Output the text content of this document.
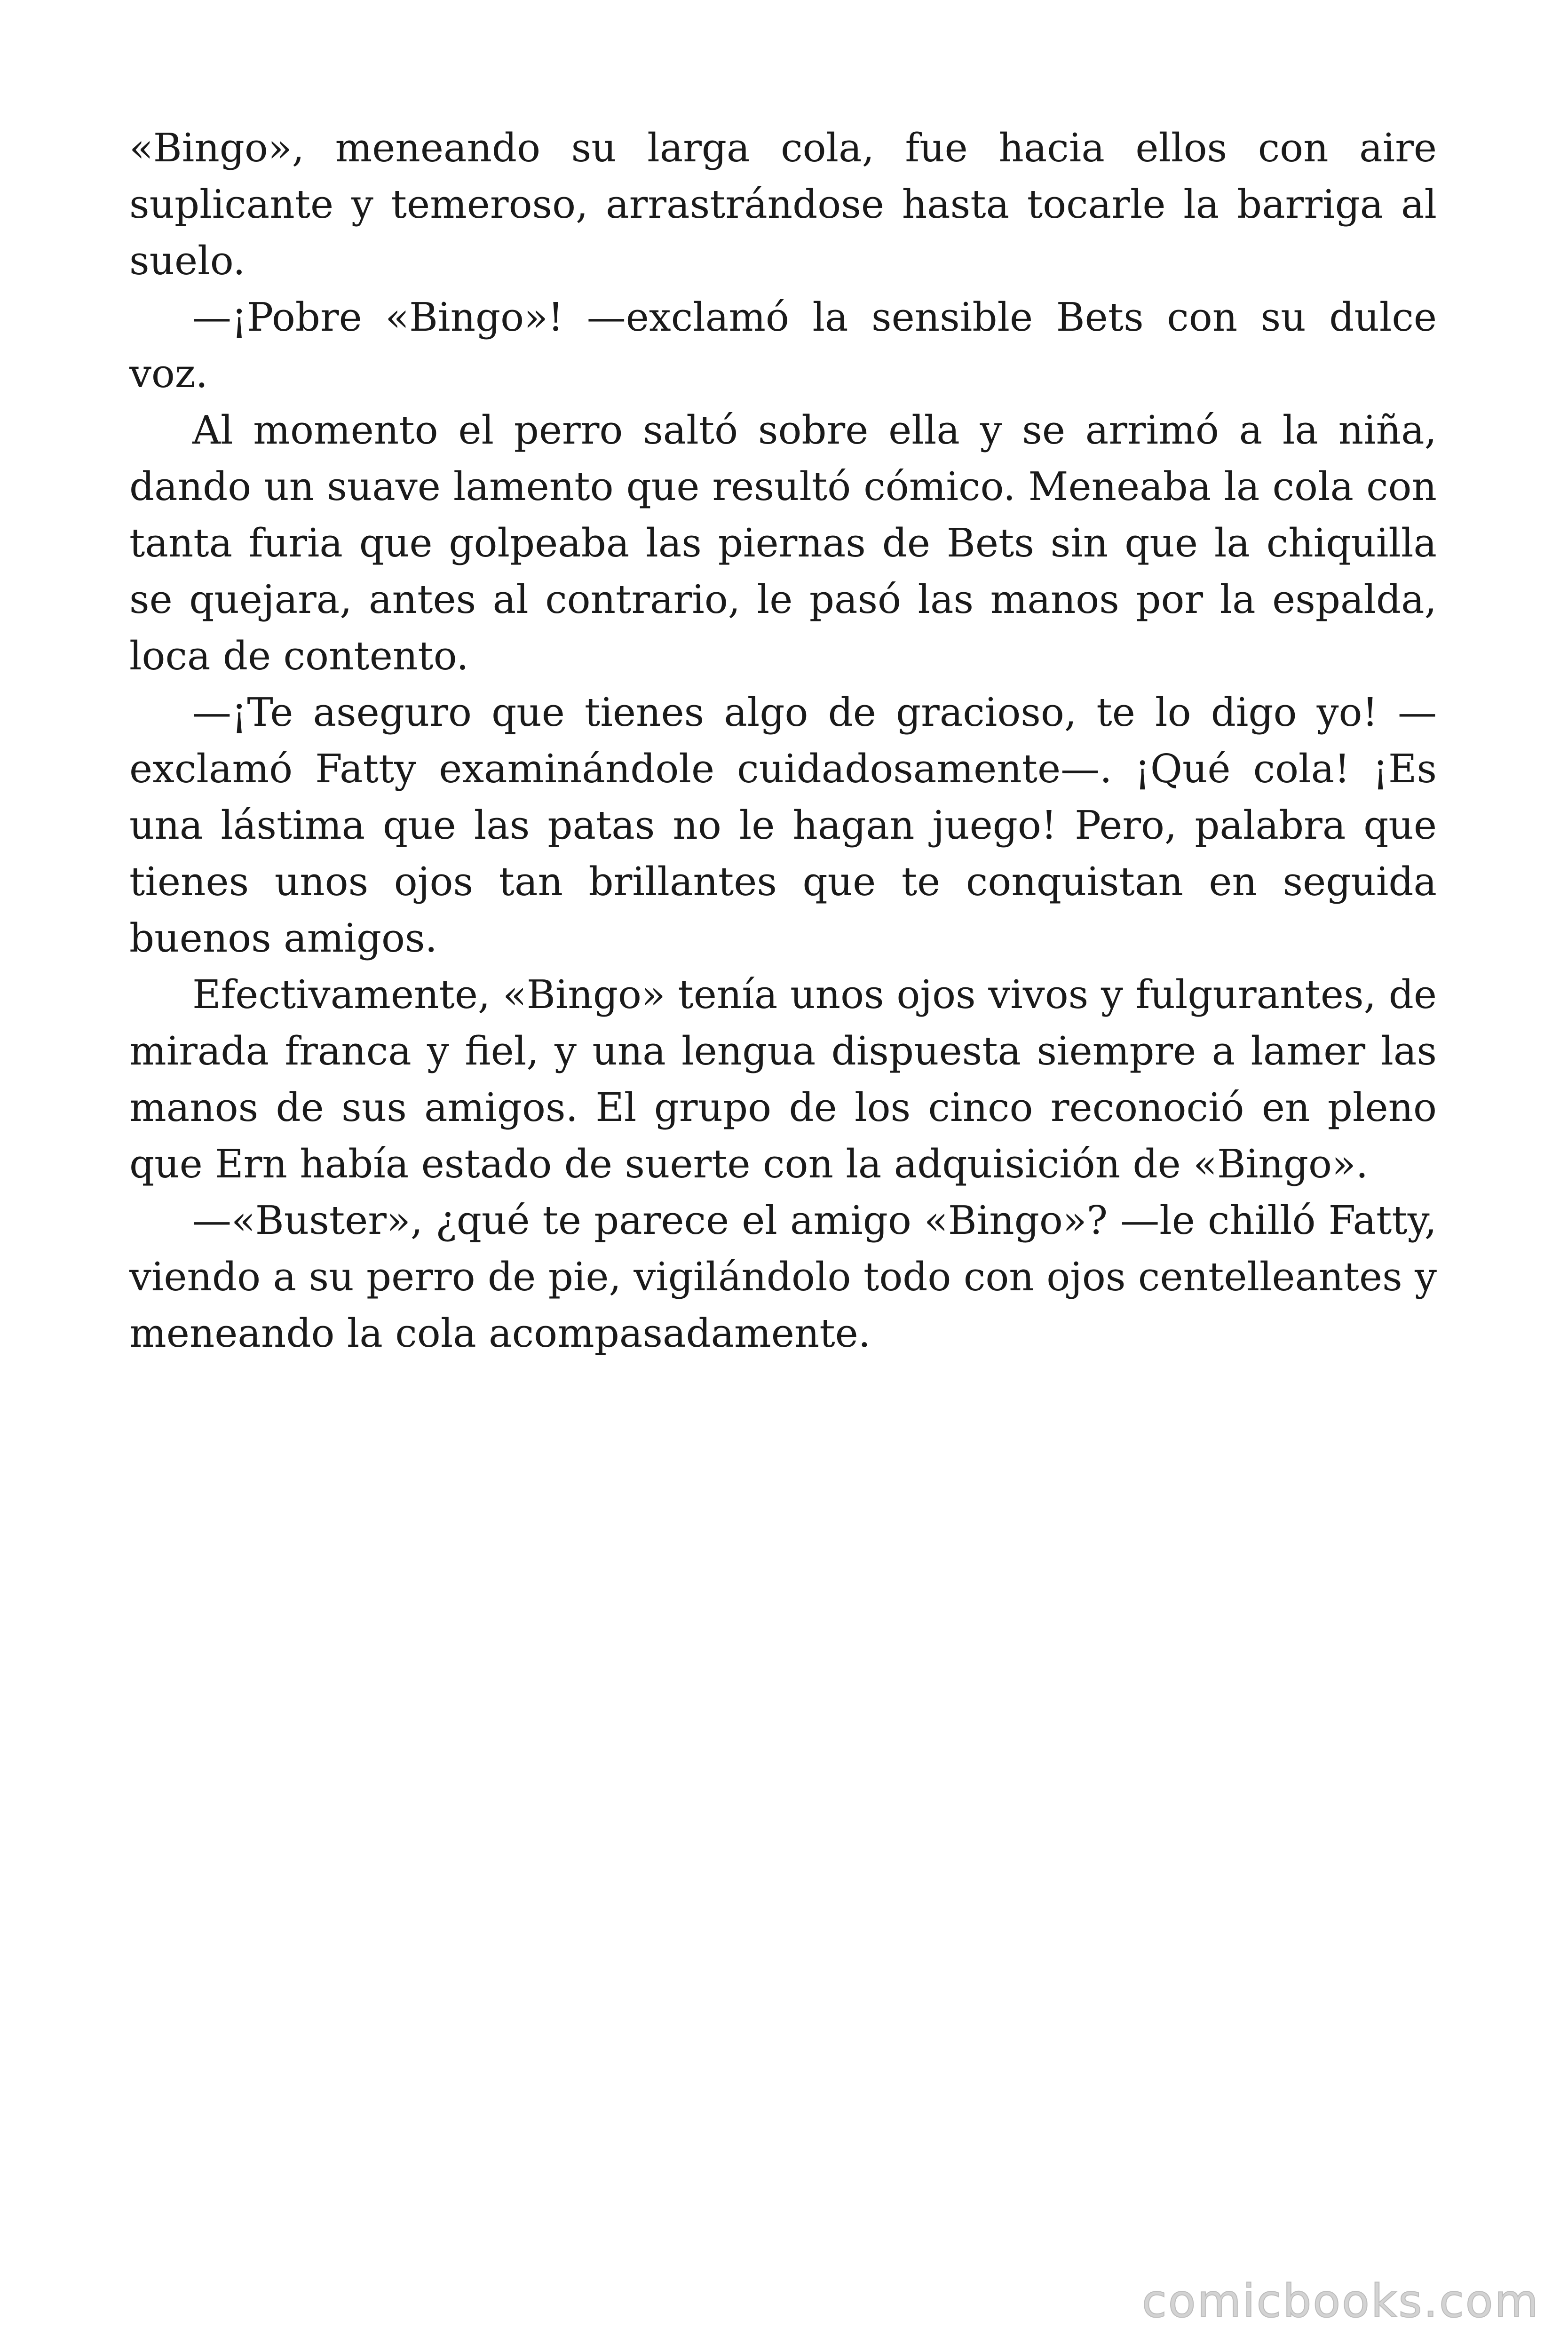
«Bingo», meneando su larga cola, fue hacia ellos con aire suplicante y temeroso, arrastrándose hasta tocarle la barriga al suelo.

—¡Pobre «Bingo»! —exclamó la sensible Bets con su dulce voz.

Al momento el perro saltó sobre ella y se arrimó a la niña, dando un suave lamento que resultó cómico. Meneaba la cola con tanta furia que golpeaba las piernas de Bets sin que la chiquilla se quejara, antes al contrario, le pasó las manos por la espalda, loca de contento.

—¡Te aseguro que tienes algo de gracioso, te lo digo yo! —exclamó Fatty examinándole cuidadosamente—. ¡Qué cola! ¡Es una lástima que las patas no le hagan juego! Pero, palabra que tienes unos ojos tan brillantes que te conquistan en seguida buenos amigos.

Efectivamente, «Bingo» tenía unos ojos vivos y fulgurantes, de mirada franca y fiel, y una lengua dispuesta siempre a lamer las manos de sus amigos. El grupo de los cinco reconoció en pleno que Ern había estado de suerte con la adquisición de «Bingo».

—«Buster», ¿qué te parece el amigo «Bingo»? —le chilló Fatty, viendo a su perro de pie, vigilándolo todo con ojos centelleantes y meneando la cola acompasadamente.

comicbooks.com
